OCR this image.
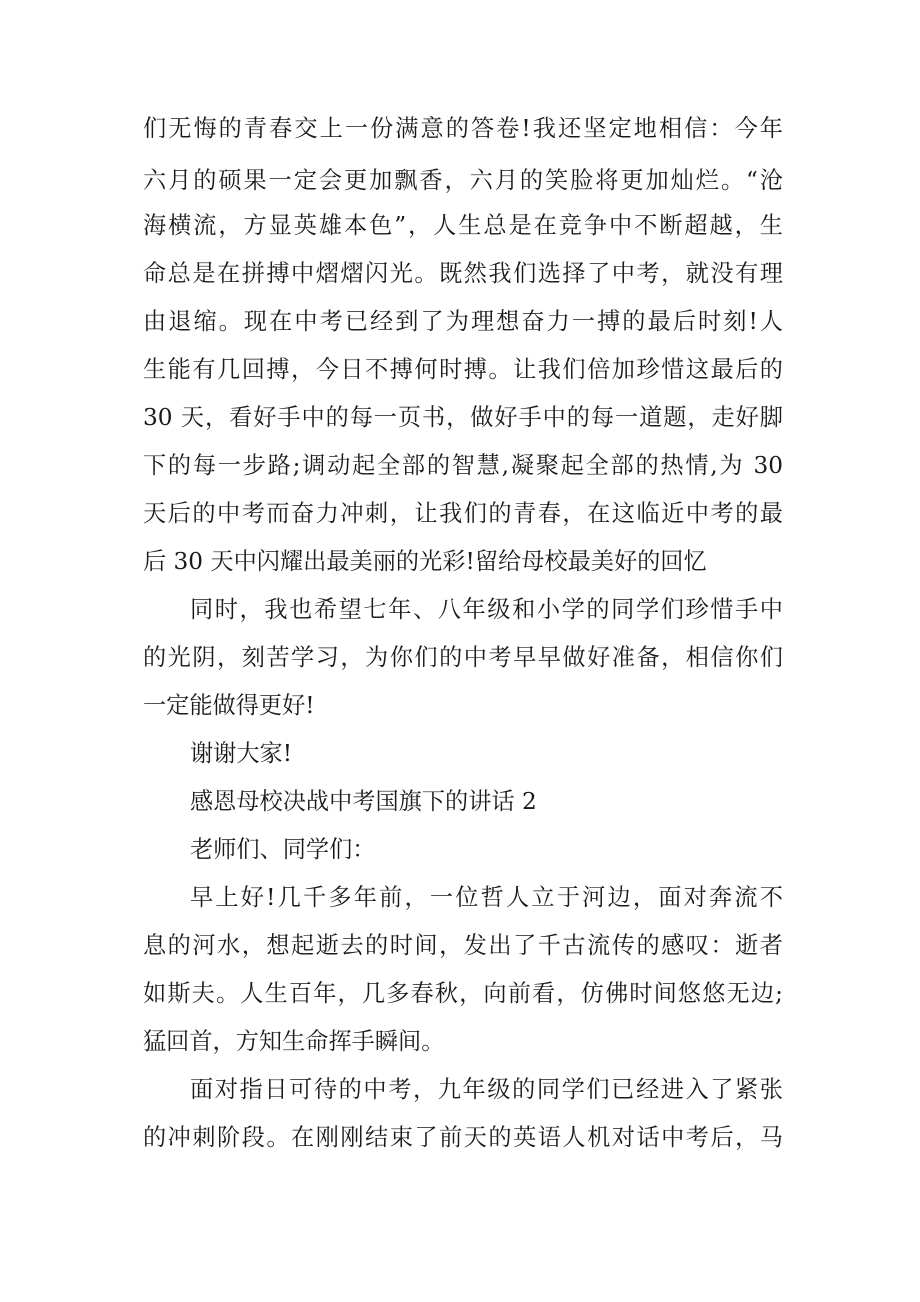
们无悔的青春交上一份满意的答卷!我还坚定地相信：今年
六月的硕果一定会更加飘香，六月的笑脸将更加灿烂。“沧
海横流，方显英雄本色”，人生总是在竞争中不断超越，生
命总是在拼搏中熠熠闪光。既然我们选择了中考，就没有理
由退缩。现在中考已经到了为理想奋力一搏的最后时刻!人
生能有几回搏，今日不搏何时搏。让我们倍加珍惜这最后的
30 天，看好手中的每一页书，做好手中的每一道题，走好脚
下的每一步路;调动起全部的智慧,凝聚起全部的热情,为 30
天后的中考而奋力冲刺，让我们的青春，在这临近中考的最
后 30 天中闪耀出最美丽的光彩!留给母校最美好的回忆
同时，我也希望七年、八年级和小学的同学们珍惜手中
的光阴，刻苦学习，为你们的中考早早做好准备，相信你们
一定能做得更好!
谢谢大家!
感恩母校决战中考国旗下的讲话 2
老师们、同学们：
早上好!几千多年前，一位哲人立于河边，面对奔流不
息的河水，想起逝去的时间，发出了千古流传的感叹：逝者
如斯夫。人生百年，几多春秋，向前看，仿佛时间悠悠无边;
猛回首，方知生命挥手瞬间。
面对指日可待的中考，九年级的同学们已经进入了紧张
的冲刺阶段。在刚刚结束了前天的英语人机对话中考后，马
